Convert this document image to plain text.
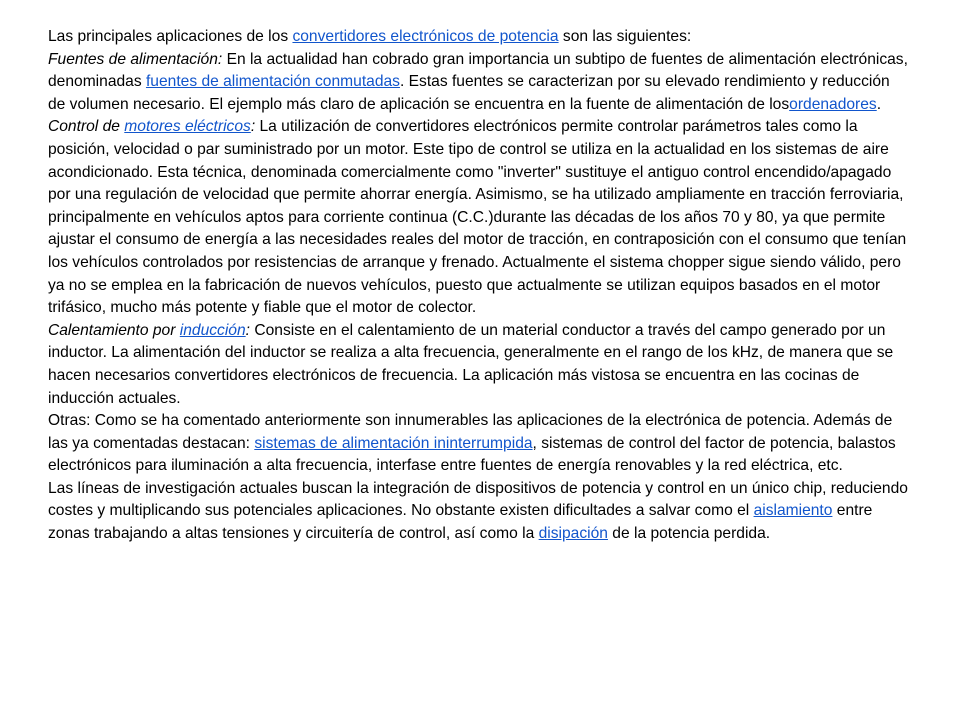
Las principales aplicaciones de los convertidores electrónicos de potencia son las siguientes:

Fuentes de alimentación: En la actualidad han cobrado gran importancia un subtipo de fuentes de alimentación electrónicas, denominadas fuentes de alimentación conmutadas. Estas fuentes se caracterizan por su elevado rendimiento y reducción de volumen necesario. El ejemplo más claro de aplicación se encuentra en la fuente de alimentación de losordenadores.

Control de motores eléctricos: La utilización de convertidores electrónicos permite controlar parámetros tales como la posición, velocidad o par suministrado por un motor. Este tipo de control se utiliza en la actualidad en los sistemas de aire acondicionado. Esta técnica, denominada comercialmente como "inverter" sustituye el antiguo control encendido/apagado por una regulación de velocidad que permite ahorrar energía. Asimismo, se ha utilizado ampliamente en tracción ferroviaria, principalmente en vehículos aptos para corriente continua (C.C.)durante las décadas de los años 70 y 80, ya que permite ajustar el consumo de energía a las necesidades reales del motor de tracción, en contraposición con el consumo que tenían los vehículos controlados por resistencias de arranque y frenado. Actualmente el sistema chopper sigue siendo válido, pero ya no se emplea en la fabricación de nuevos vehículos, puesto que actualmente se utilizan equipos basados en el motor trifásico, mucho más potente y fiable que el motor de colector.

Calentamiento por inducción: Consiste en el calentamiento de un material conductor a través del campo generado por un inductor. La alimentación del inductor se realiza a alta frecuencia, generalmente en el rango de los kHz, de manera que se hacen necesarios convertidores electrónicos de frecuencia. La aplicación más vistosa se encuentra en las cocinas de inducción actuales.

Otras: Como se ha comentado anteriormente son innumerables las aplicaciones de la electrónica de potencia. Además de las ya comentadas destacan: sistemas de alimentación ininterrumpida, sistemas de control del factor de potencia, balastos electrónicos para iluminación a alta frecuencia, interfase entre fuentes de energía renovables y la red eléctrica, etc.

Las líneas de investigación actuales buscan la integración de dispositivos de potencia y control en un único chip, reduciendo costes y multiplicando sus potenciales aplicaciones. No obstante existen dificultades a salvar como el aislamiento entre zonas trabajando a altas tensiones y circuitería de control, así como la disipación de la potencia perdida.
